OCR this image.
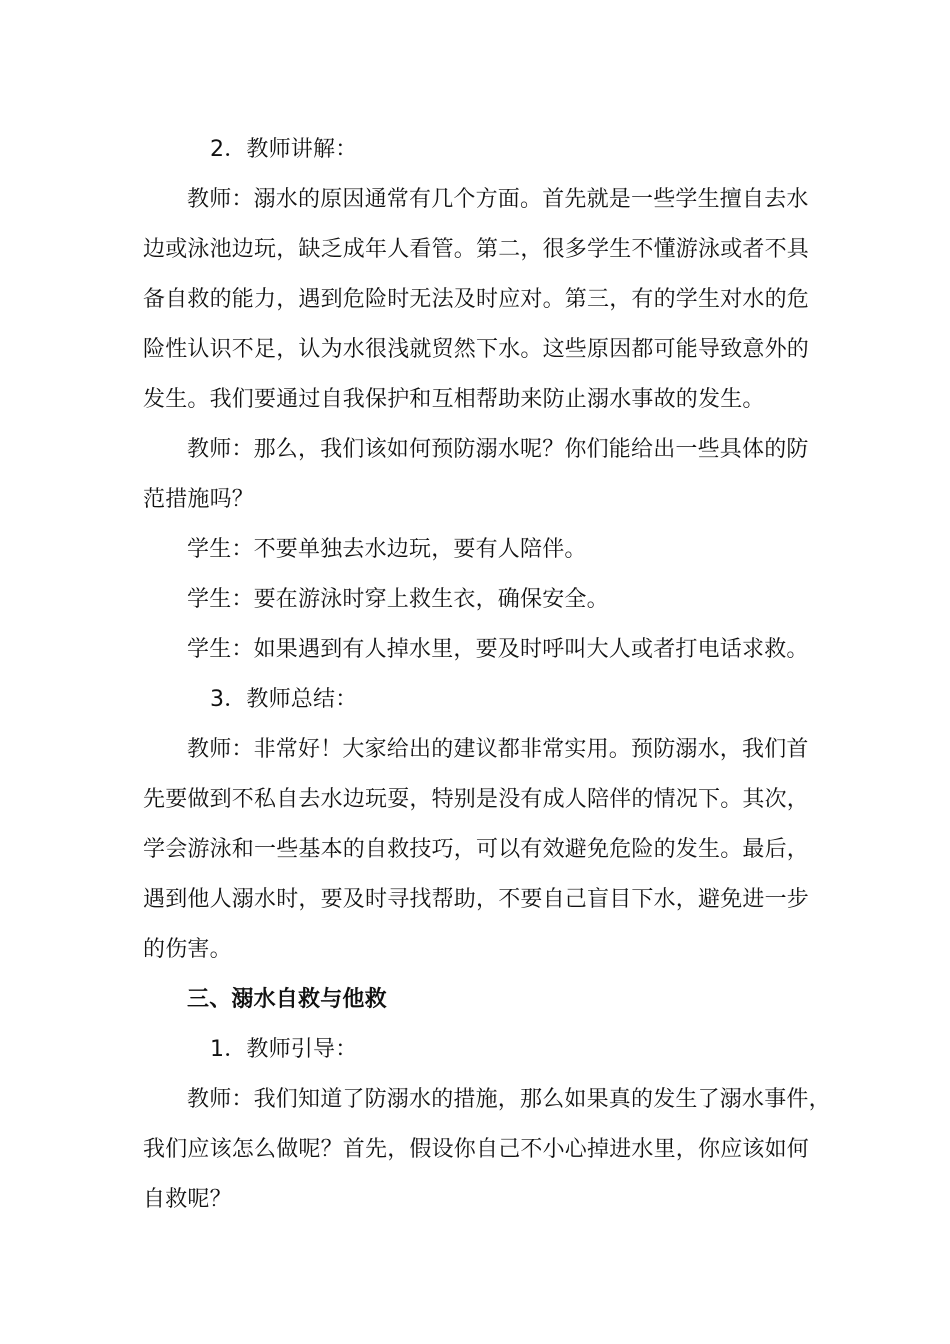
2．教师讲解：
教师：溺水的原因通常有几个方面。首先就是一些学生擅自去水
边或泳池边玩，缺乏成年人看管。第二，很多学生不懂游泳或者不具
备自救的能力，遇到危险时无法及时应对。第三，有的学生对水的危
险性认识不足，认为水很浅就贸然下水。这些原因都可能导致意外的
发生。我们要通过自我保护和互相帮助来防止溺水事故的发生。
教师：那么，我们该如何预防溺水呢？你们能给出一些具体的防
范措施吗？
学生：不要单独去水边玩，要有人陪伴。
学生：要在游泳时穿上救生衣，确保安全。
学生：如果遇到有人掉水里，要及时呼叫大人或者打电话求救。
3．教师总结：
教师：非常好！大家给出的建议都非常实用。预防溺水，我们首
先要做到不私自去水边玩耍，特别是没有成人陪伴的情况下。其次，
学会游泳和一些基本的自救技巧，可以有效避免危险的发生。最后，
遇到他人溺水时，要及时寻找帮助，不要自己盲目下水，避免进一步
的伤害。
三、溺水自救与他救
1．教师引导：
教师：我们知道了防溺水的措施，那么如果真的发生了溺水事件，
我们应该怎么做呢？首先，假设你自己不小心掉进水里，你应该如何
自救呢？
